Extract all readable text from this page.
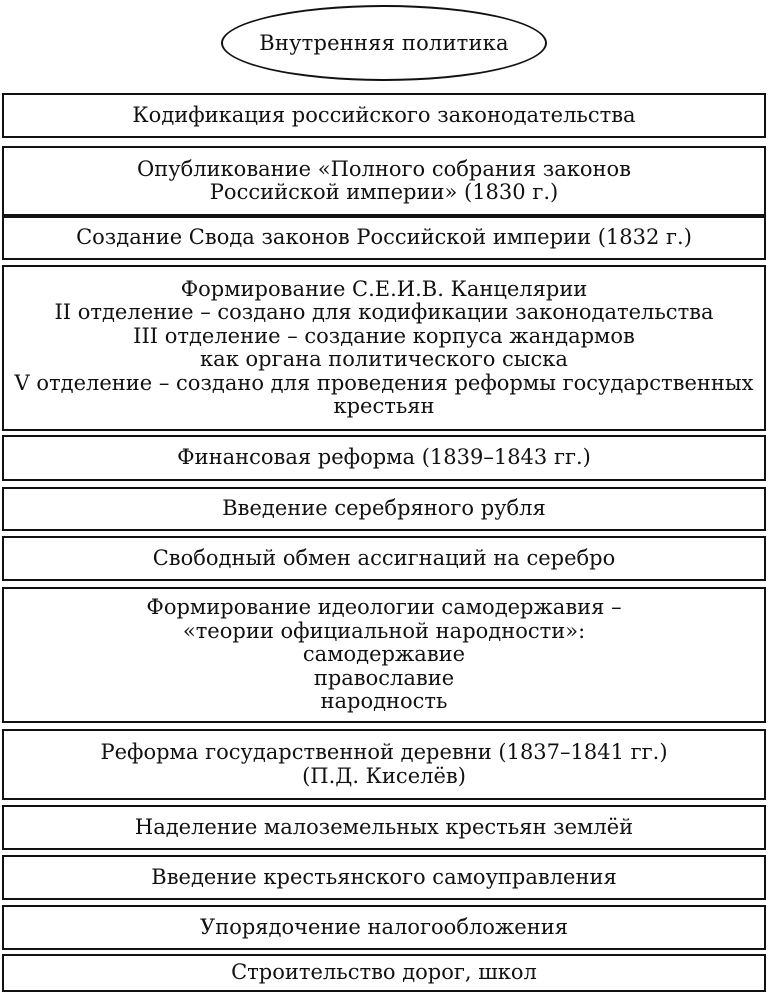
Внутренняя политика
Кодификация российского законодательства
Опубликование «Полного собрания законов
Российской империи» (1830 г.)
Создание Свода законов Российской империи (1832 г.)
Формирование С.Е.И.В. Канцелярии
II отделение – создано для кодификации законодательства
III отделение – создание корпуса жандармов
как органа политического сыска
V отделение – создано для проведения реформы государственных
крестьян
Финансовая реформа (1839–1843 гг.)
Введение серебряного рубля
Свободный обмен ассигнаций на серебро
Формирование идеологии самодержавия –
«теории официальной народности»:
самодержавие
православие
народность
Реформа государственной деревни (1837–1841 гг.)
(П.Д. Киселёв)
Наделение малоземельных крестьян землёй
Введение крестьянского самоуправления
Упорядочение налогообложения
Строительство дорог, школ
